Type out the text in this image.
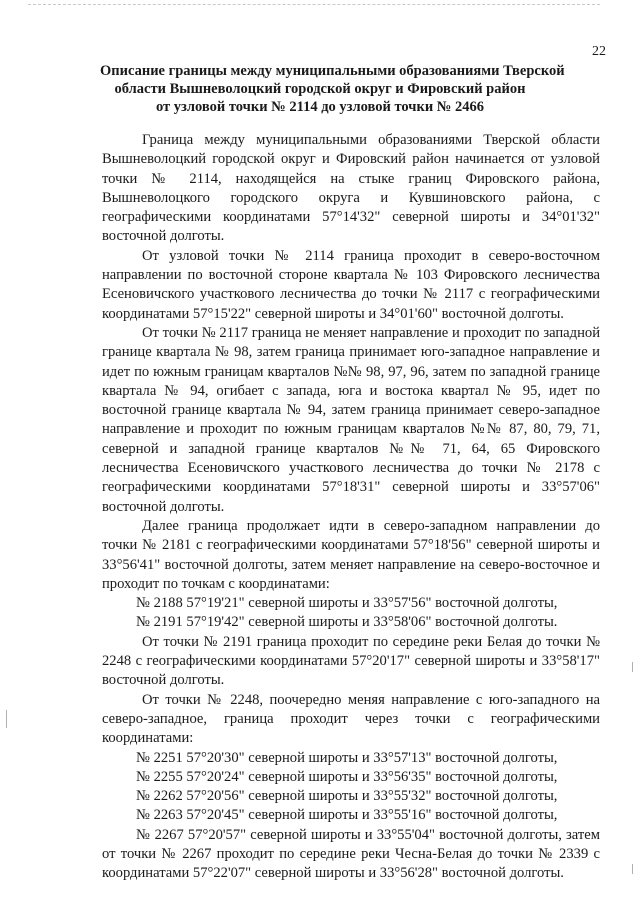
22
Описание границы между муниципальными образованиями Тверской
области Вышневолоцкий городской округ и Фировский район
от узловой точки № 2114 до узловой точки № 2466

Граница между муниципальными образованиями Тверской области Вышневолоцкий городской округ и Фировский район начинается от узловой точки № 2114, находящейся на стыке границ Фировского района, Вышневолоцкого городского округа и Кувшиновского района, с географическими координатами 57°14'32" северной широты и 34°01'32" восточной долготы.

От узловой точки № 2114 граница проходит в северо-восточном направлении по восточной стороне квартала № 103 Фировского лесничества Есеновичского участкового лесничества до точки № 2117 с географическими координатами 57°15'22" северной широты и 34°01'60" восточной долготы.

От точки № 2117 граница не меняет направление и проходит по западной границе квартала № 98, затем граница принимает юго-западное направление и идет по южным границам кварталов №№ 98, 97, 96, затем по западной границе квартала № 94, огибает с запада, юга и востока квартал № 95, идет по восточной границе квартала № 94, затем граница принимает северо-западное направление и проходит по южным границам кварталов №№ 87, 80, 79, 71, северной и западной границе кварталов №№ 71, 64, 65 Фировского лесничества Есеновичского участкового лесничества до точки № 2178 с географическими координатами 57°18'31" северной широты и 33°57'06" восточной долготы.

Далее граница продолжает идти в северо-западном направлении до точки № 2181 с географическими координатами 57°18'56" северной широты и 33°56'41" восточной долготы, затем меняет направление на северо-восточное и проходит по точкам с координатами:

№ 2188 57°19'21" северной широты и 33°57'56" восточной долготы,

№ 2191 57°19'42" северной широты и 33°58'06" восточной долготы.

От точки № 2191 граница проходит по середине реки Белая до точки № 2248 с географическими координатами 57°20'17" северной широты и 33°58'17" восточной долготы.

От точки № 2248, поочередно меняя направление с юго-западного на северо-западное, граница проходит через точки с географическими координатами:

№ 2251 57°20'30" северной широты и 33°57'13" восточной долготы,

№ 2255 57°20'24" северной широты и 33°56'35" восточной долготы,

№ 2262 57°20'56" северной широты и 33°55'32" восточной долготы,

№ 2263 57°20'45" северной широты и 33°55'16" восточной долготы,

№ 2267 57°20'57" северной широты и 33°55'04" восточной долготы, затем от точки № 2267 проходит по середине реки Чесна-Белая до точки № 2339 с координатами 57°22'07" северной широты и 33°56'28" восточной долготы.
